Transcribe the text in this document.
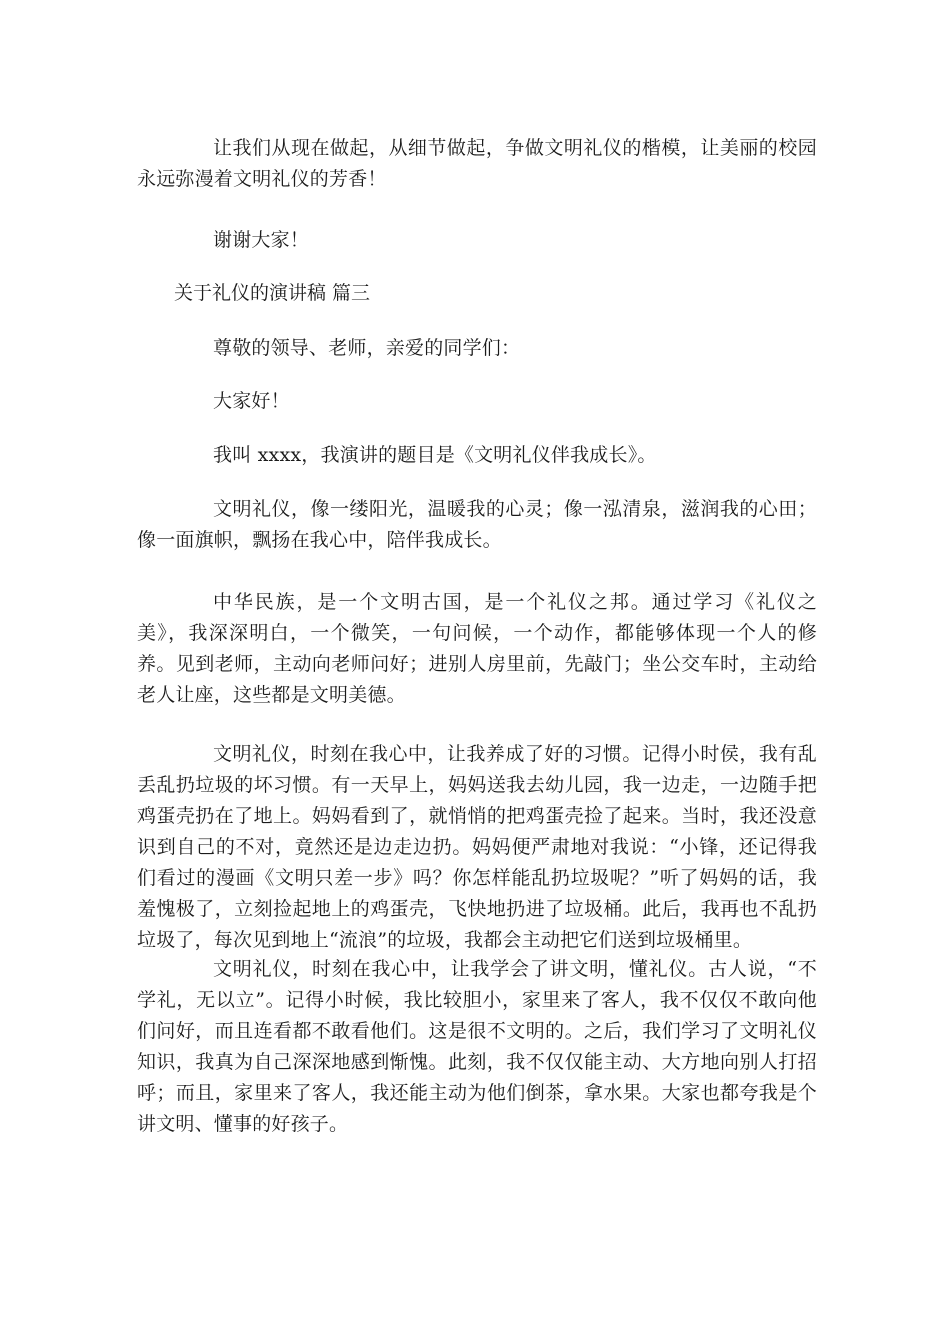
让我们从现在做起，从细节做起，争做文明礼仪的楷模，让美丽的校园永远弥漫着文明礼仪的芳香！

谢谢大家！

关于礼仪的演讲稿 篇三

尊敬的领导、老师，亲爱的同学们：

大家好！

我叫 xxxx，我演讲的题目是《文明礼仪伴我成长》。

文明礼仪，像一缕阳光，温暖我的心灵；像一泓清泉，滋润我的心田；像一面旗帜，飘扬在我心中，陪伴我成长。

中华民族，是一个文明古国，是一个礼仪之邦。通过学习《礼仪之美》，我深深明白，一个微笑，一句问候，一个动作，都能够体现一个人的修养。见到老师，主动向老师问好；进别人房里前，先敲门；坐公交车时，主动给老人让座，这些都是文明美德。

文明礼仪，时刻在我心中，让我养成了好的习惯。记得小时侯，我有乱丢乱扔垃圾的坏习惯。有一天早上，妈妈送我去幼儿园，我一边走，一边随手把鸡蛋壳扔在了地上。妈妈看到了，就悄悄的把鸡蛋壳捡了起来。当时，我还没意识到自己的不对，竟然还是边走边扔。妈妈便严肃地对我说：“小锋，还记得我们看过的漫画《文明只差一步》吗？你怎样能乱扔垃圾呢？”听了妈妈的话，我羞愧极了，立刻捡起地上的鸡蛋壳，飞快地扔进了垃圾桶。此后，我再也不乱扔垃圾了，每次见到地上“流浪”的垃圾，我都会主动把它们送到垃圾桶里。

文明礼仪，时刻在我心中，让我学会了讲文明，懂礼仪。古人说，“不学礼，无以立”。记得小时候，我比较胆小，家里来了客人，我不仅仅不敢向他们问好，而且连看都不敢看他们。这是很不文明的。之后，我们学习了文明礼仪知识，我真为自己深深地感到惭愧。此刻，我不仅仅能主动、大方地向别人打招呼；而且，家里来了客人，我还能主动为他们倒茶，拿水果。大家也都夸我是个讲文明、懂事的好孩子。
